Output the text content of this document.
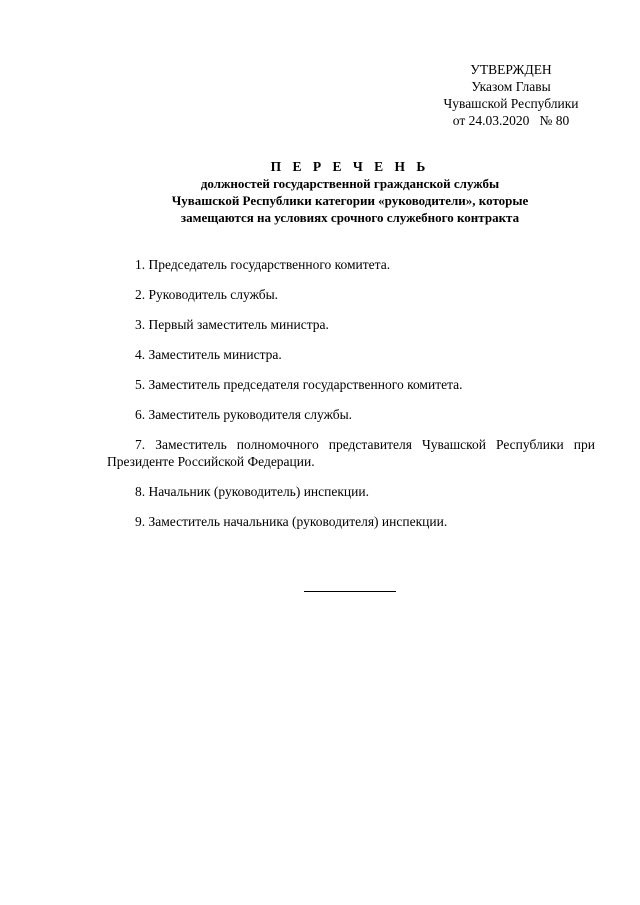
УТВЕРЖДЕН
Указом Главы
Чувашской Республики
от 24.03.2020   № 80
П Е Р Е Ч Е Н Ь
должностей государственной гражданской службы
Чувашской Республики категории «руководители», которые
замещаются на условиях срочного служебного контракта

1. Председатель государственного комитета.

2. Руководитель службы.

3. Первый заместитель министра.

4. Заместитель министра.

5. Заместитель председателя государственного комитета.

6. Заместитель руководителя службы.

7. Заместитель полномочного представителя Чувашской Республики при Президенте Российской Федерации.

8. Начальник (руководитель) инспекции.

9. Заместитель начальника (руководителя) инспекции.
